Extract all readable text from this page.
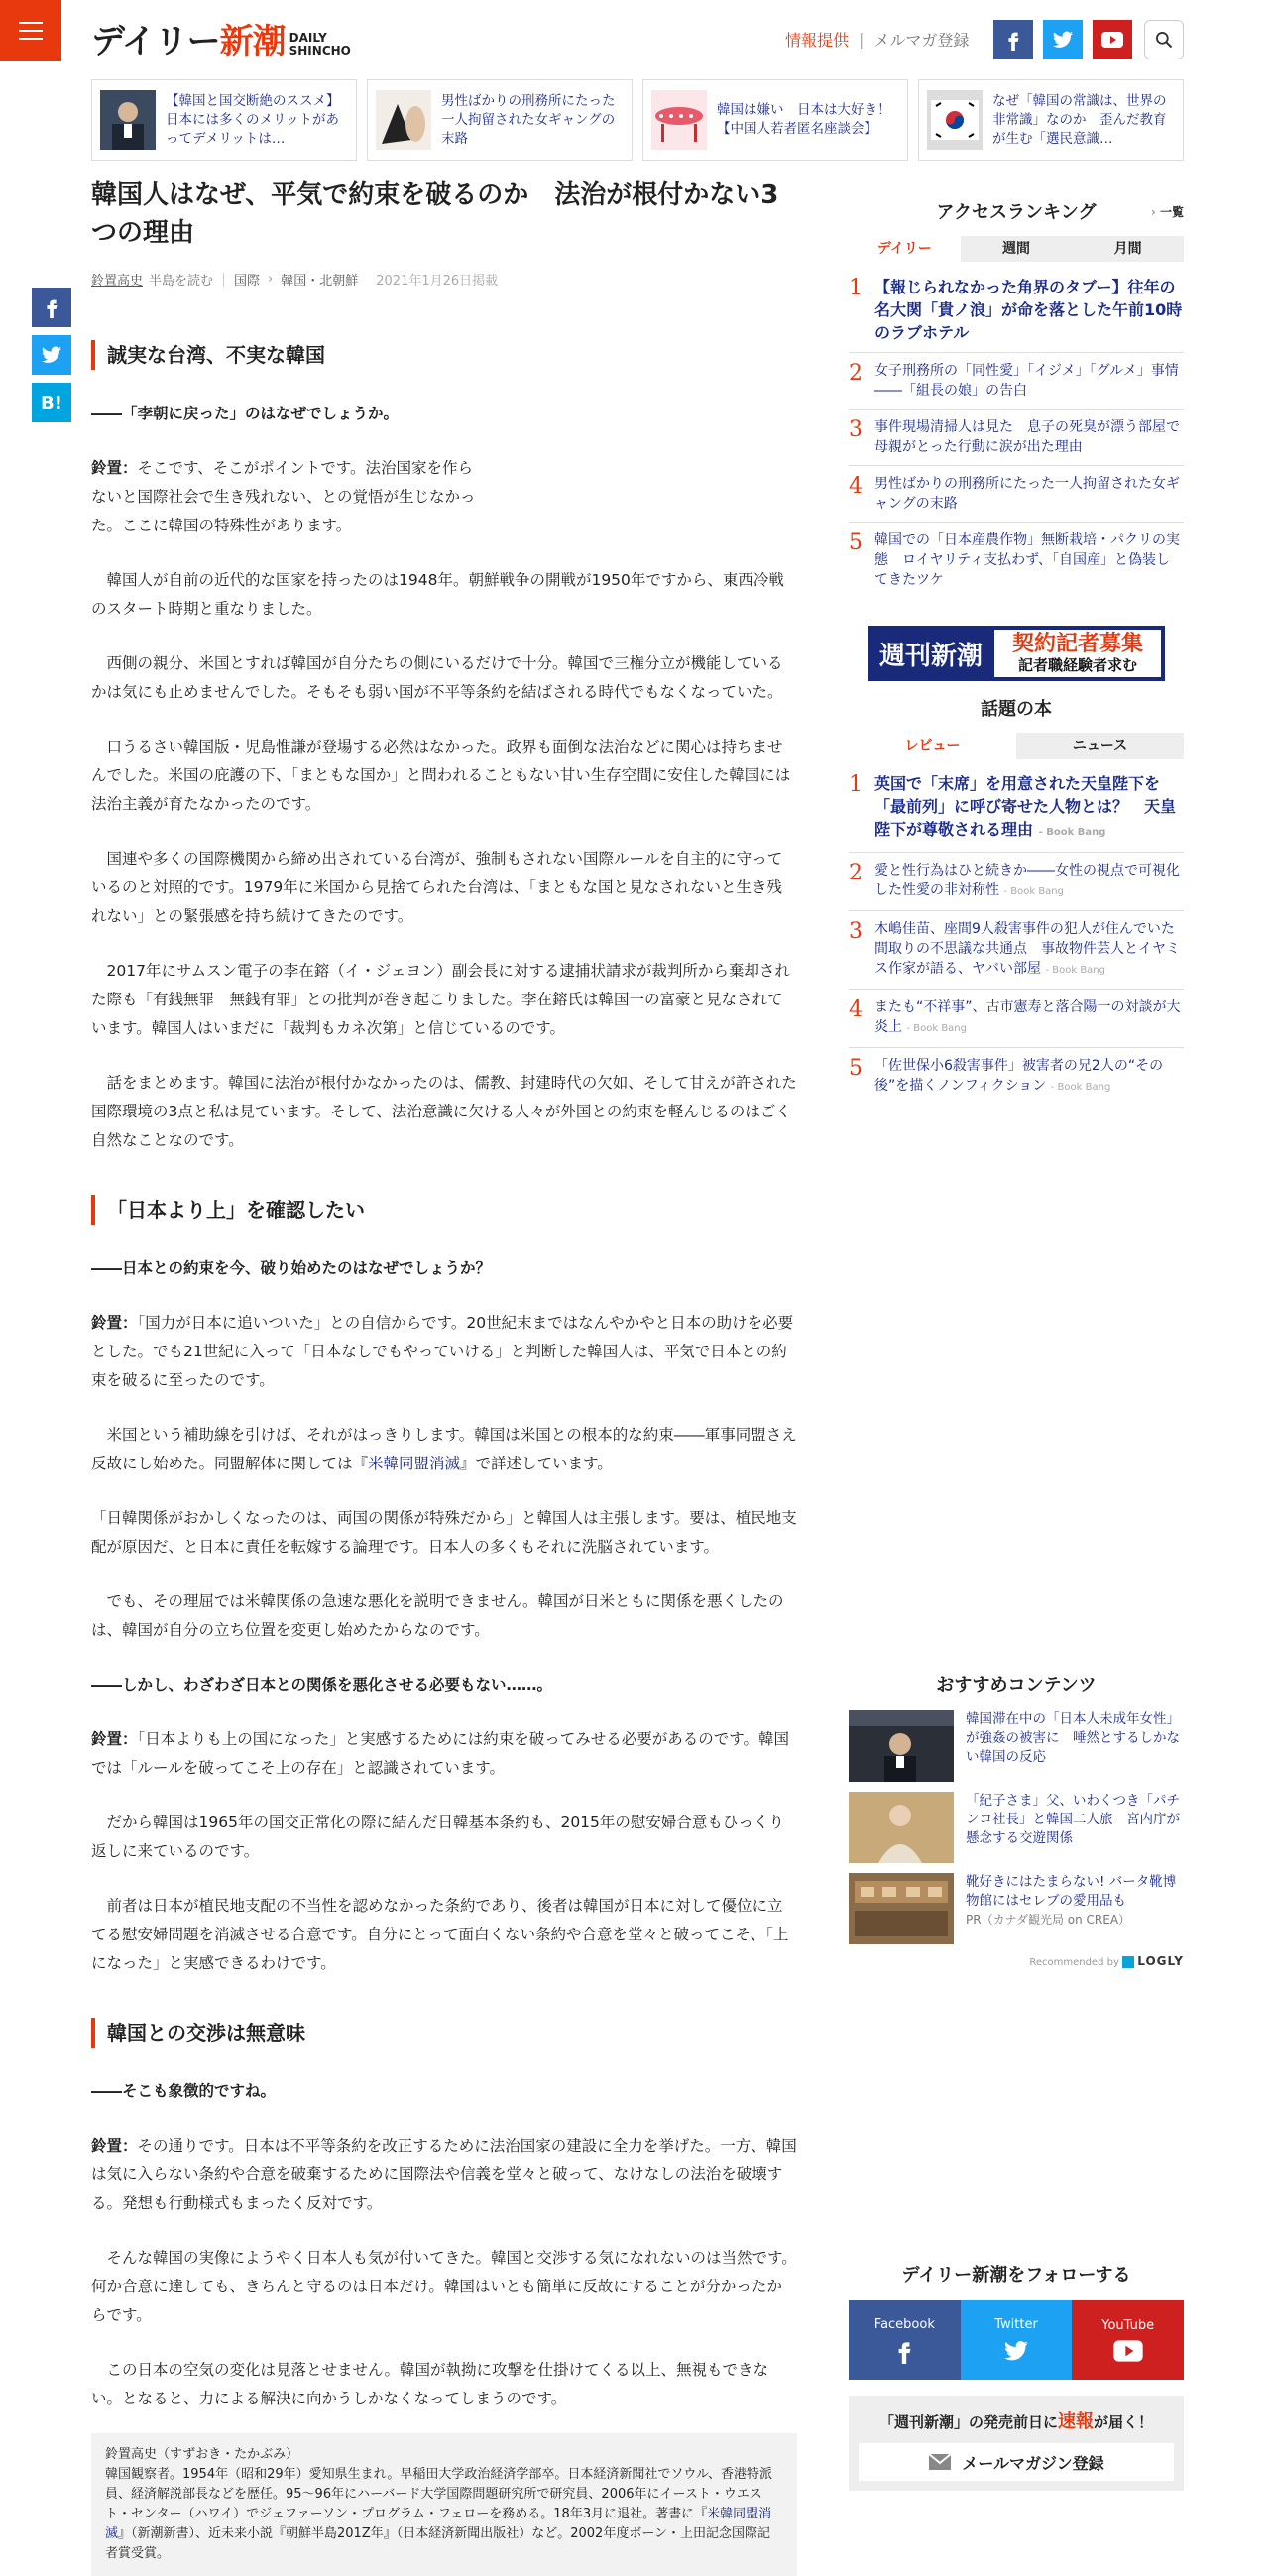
デイリー新潮 DAILY
SHINCHO
情報提供 | メルマガ登録
【韓国と国交断絶のススメ】日本には多くのメリットがあってデメリットは…
男性ばかりの刑務所にたった一人拘留された女ギャングの末路
韓国は嫌い　日本は大好き！【中国人若者匿名座談会】
なぜ「韓国の常識は、世界の非常識」なのか　歪んだ教育が生む「選民意識…
B!
韓国人はなぜ、平気で約束を破るのか　法治が根付かない3つの理由
鈴置高史 半島を読む 国際 › 韓国・北朝鮮 2021年1月26日掲載
誠実な台湾、不実な韓国

――「李朝に戻った」のはなぜでしょうか。

鈴置：そこです、そこがポイントです。法治国家を作らないと国際社会で生き残れない、との覚悟が生じなかった。ここに韓国の特殊性があります。

　韓国人が自前の近代的な国家を持ったのは1948年。朝鮮戦争の開戦が1950年ですから、東西冷戦のスタート時期と重なりました。

　西側の親分、米国とすれば韓国が自分たちの側にいるだけで十分。韓国で三権分立が機能しているかは気にも止めませんでした。そもそも弱い国が不平等条約を結ばされる時代でもなくなっていた。

　口うるさい韓国版・児島惟謙が登場する必然はなかった。政界も面倒な法治などに関心は持ちませんでした。米国の庇護の下、「まともな国か」と問われることもない甘い生存空間に安住した韓国には法治主義が育たなかったのです。

　国連や多くの国際機関から締め出されている台湾が、強制もされない国際ルールを自主的に守っているのと対照的です。1979年に米国から見捨てられた台湾は、「まともな国と見なされないと生き残れない」との緊張感を持ち続けてきたのです。

　2017年にサムスン電子の李在鎔（イ・ジェヨン）副会長に対する逮捕状請求が裁判所から棄却された際も「有銭無罪　無銭有罪」との批判が巻き起こりました。李在鎔氏は韓国一の富豪と見なされています。韓国人はいまだに「裁判もカネ次第」と信じているのです。

　話をまとめます。韓国に法治が根付かなかったのは、儒教、封建時代の欠如、そして甘えが許された国際環境の3点と私は見ています。そして、法治意識に欠ける人々が外国との約束を軽んじるのはごく自然なことなのです。

「日本より上」を確認したい

――日本との約束を今、破り始めたのはなぜでしょうか？

鈴置：「国力が日本に追いついた」との自信からです。20世紀末まではなんやかやと日本の助けを必要とした。でも21世紀に入って「日本なしでもやっていける」と判断した韓国人は、平気で日本との約束を破るに至ったのです。

　米国という補助線を引けば、それがはっきりします。韓国は米国との根本的な約束――軍事同盟さえ反故にし始めた。同盟解体に関しては『米韓同盟消滅』で詳述しています。

「日韓関係がおかしくなったのは、両国の関係が特殊だから」と韓国人は主張します。要は、植民地支配が原因だ、と日本に責任を転嫁する論理です。日本人の多くもそれに洗脳されています。

　でも、その理屈では米韓関係の急速な悪化を説明できません。韓国が日米ともに関係を悪くしたのは、韓国が自分の立ち位置を変更し始めたからなのです。

――しかし、わざわざ日本との関係を悪化させる必要もない……。

鈴置：「日本よりも上の国になった」と実感するためには約束を破ってみせる必要があるのです。韓国では「ルールを破ってこそ上の存在」と認識されています。

　だから韓国は1965年の国交正常化の際に結んだ日韓基本条約も、2015年の慰安婦合意もひっくり返しに来ているのです。

　前者は日本が植民地支配の不当性を認めなかった条約であり、後者は韓国が日本に対して優位に立てる慰安婦問題を消滅させる合意です。自分にとって面白くない条約や合意を堂々と破ってこそ、「上になった」と実感できるわけです。

韓国との交渉は無意味

――そこも象徴的ですね。

鈴置：その通りです。日本は不平等条約を改正するために法治国家の建設に全力を挙げた。一方、韓国は気に入らない条約や合意を破棄するために国際法や信義を堂々と破って、なけなしの法治を破壊する。発想も行動様式もまったく反対です。

　そんな韓国の実像にようやく日本人も気が付いてきた。韓国と交渉する気になれないのは当然です。何か合意に達しても、きちんと守るのは日本だけ。韓国はいとも簡単に反故にすることが分かったからです。

　この日本の空気の変化は見落とせません。韓国が執拗に攻撃を仕掛けてくる以上、無視もできない。となると、力による解決に向かうしかなくなってしまうのです。

鈴置高史（すずおき・たかぶみ）
韓国観察者。1954年（昭和29年）愛知県生まれ。早稲田大学政治経済学部卒。日本経済新聞社でソウル、香港特派員、経済解説部長などを歴任。95〜96年にハーバード大学国際問題研究所で研究員、2006年にイースト・ウエスト・センター（ハワイ）でジェファーソン・プログラム・フェローを務める。18年3月に退社。著書に『米韓同盟消滅』（新潮新書）、近未来小説『朝鮮半島201Z年』（日本経済新聞出版社）など。2002年度ボーン・上田記念国際記者賞受賞。
アクセスランキング	› 一覧
デイリー	週間	月間
1 【報じられなかった角界のタブー】往年の名大関「貴ノ浪」が命を落とした午前10時のラブホテル
2 女子刑務所の「同性愛」「イジメ」「グルメ」事情　――「組長の娘」の告白
3 事件現場清掃人は見た　息子の死臭が漂う部屋で母親がとった行動に涙が出た理由
4 男性ばかりの刑務所にたった一人拘留された女ギャングの末路
5 韓国での「日本産農作物」無断栽培・パクリの実態　ロイヤリティ支払わず、「自国産」と偽装してきたツケ
週刊新潮	契約記者募集
記者職経験者求む
話題の本
レビュー	ニュース
1 英国で「末席」を用意された天皇陛下を「最前列」に呼び寄せた人物とは？　天皇陛下が尊敬される理由 - Book Bang
2 愛と性行為はひと続きか――女性の視点で可視化した性愛の非対称性 - Book Bang
3 木嶋佳苗、座間9人殺害事件の犯人が住んでいた間取りの不思議な共通点　事故物件芸人とイヤミス作家が語る、ヤバい部屋 - Book Bang
4 またも“不祥事”、古市憲寿と落合陽一の対談が大炎上 - Book Bang
5 「佐世保小6殺害事件」被害者の兄2人の“その後”を描くノンフィクション - Book Bang
おすすめコンテンツ
韓国滞在中の「日本人未成年女性」が強姦の被害に　唾然とするしかない韓国の反応
「紀子さま」父、いわくつき「パチンコ社長」と韓国二人旅　宮内庁が懸念する交遊関係
靴好きにはたまらない! バータ靴博物館にはセレブの愛用品も
PR（カナダ観光局 on CREA）
Recommended by LOGLY
デイリー新潮をフォローする
Facebook	Twitter	YouTube
「週刊新潮」の発売前日に速報が届く！
メールマガジン登録
